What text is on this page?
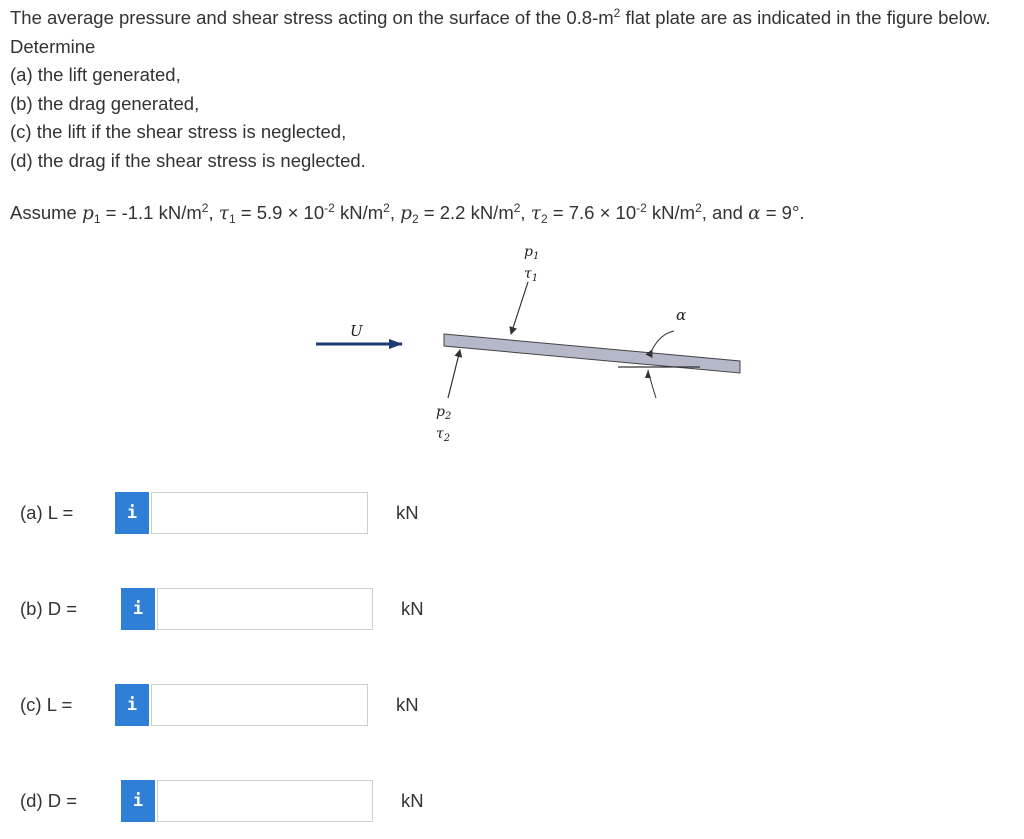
The average pressure and shear stress acting on the surface of the $0.8-m^2$ flat plate are as indicated in the figure below. Determine

(a) the lift generated,

(b) the drag generated,

(c) the lift if the shear stress is neglected,

(d) the drag if the shear stress is neglected.

Assume $p_1 = -1.1$ $kN/m^2$, $\tau_1 = 5.9 \times 10^{-2}$ $kN/m^2$, $p_2 = 2.2$ $kN/m^2$, $\tau_2 = 7.6 \times 10^{-2}$ $kN/m^2$, and α = 9°.
U
α
$p_1$
$\tau_1$
$p_2$
$\tau_2$
(a) L =	i	kN
(b) D =	i	kN
(c) L =	i	kN
(d) D =	i	kN
